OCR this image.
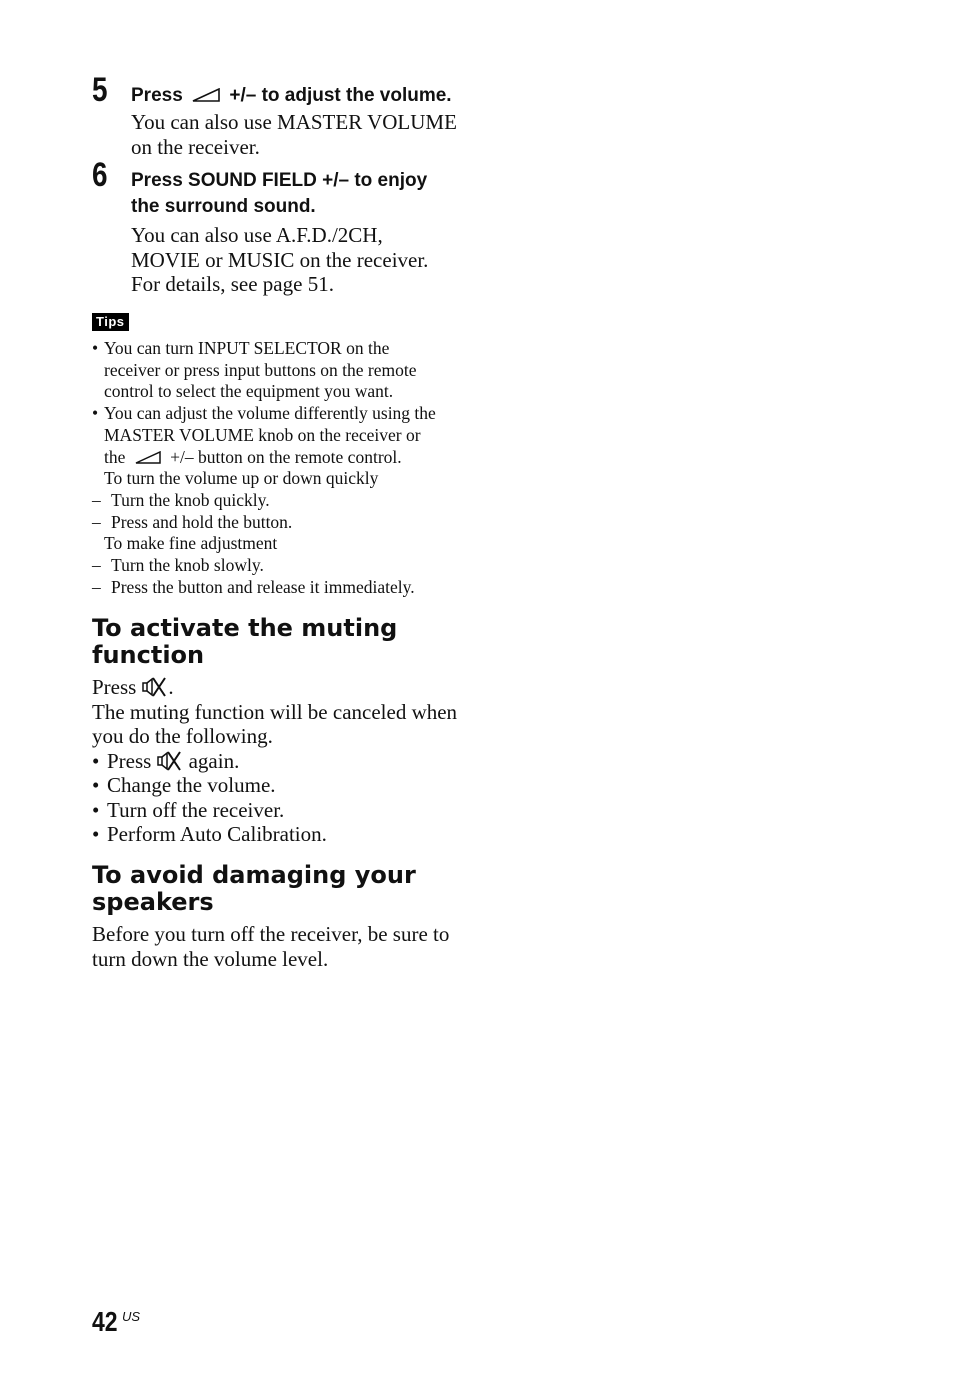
5 Press +/– to adjust the volume.
You can also use MASTER VOLUME
on the receiver.
6 Press SOUND FIELD +/– to enjoy
the surround sound.
You can also use A.F.D./2CH,
MOVIE or MUSIC on the receiver.
For details, see page 51.
Tips
• You can turn INPUT SELECTOR on the
receiver or press input buttons on the remote
control to select the equipment you want.
• You can adjust the volume differently using the
MASTER VOLUME knob on the receiver or
the	+/– button on the remote control.
To turn the volume up or down quickly
– Turn the knob quickly.
– Press and hold the button.
To make fine adjustment
– Turn the knob slowly.
– Press the button and release it immediately.
To activate the muting
function
Press .
The muting function will be canceled when
you do the following.
• Press again.
• Change the volume.
• Turn off the receiver.
• Perform Auto Calibration.
To avoid damaging your
speakers
Before you turn off the receiver, be sure to
turn down the volume level.
42 US
